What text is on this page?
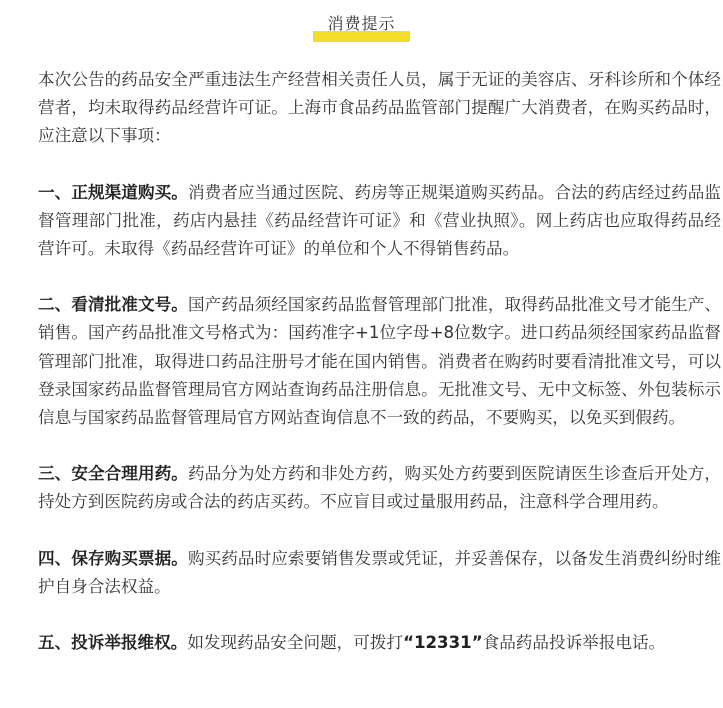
消费提示

本次公告的药品安全严重违法生产经营相关责任人员，属于无证的美容店、牙科诊所和个体经营者，均未取得药品经营许可证。上海市食品药品监管部门提醒广大消费者，在购买药品时，应注意以下事项：

一、正规渠道购买。消费者应当通过医院、药房等正规渠道购买药品。合法的药店经过药品监督管理部门批准，药店内悬挂《药品经营许可证》和《营业执照》。网上药店也应取得药品经营许可。未取得《药品经营许可证》的单位和个人不得销售药品。

二、看清批准文号。国产药品须经国家药品监督管理部门批准，取得药品批准文号才能生产、销售。国产药品批准文号格式为：国药准字+1位字母+8位数字。进口药品须经国家药品监督管理部门批准，取得进口药品注册号才能在国内销售。消费者在购药时要看清批准文号，可以登录国家药品监督管理局官方网站查询药品注册信息。无批准文号、无中文标签、外包装标示信息与国家药品监督管理局官方网站查询信息不一致的药品，不要购买，以免买到假药。

三、安全合理用药。药品分为处方药和非处方药，购买处方药要到医院请医生诊查后开处方，持处方到医院药房或合法的药店买药。不应盲目或过量服用药品，注意科学合理用药。

四、保存购买票据。购买药品时应索要销售发票或凭证，并妥善保存，以备发生消费纠纷时维护自身合法权益。

五、投诉举报维权。如发现药品安全问题，可拨打“12331”食品药品投诉举报电话。
